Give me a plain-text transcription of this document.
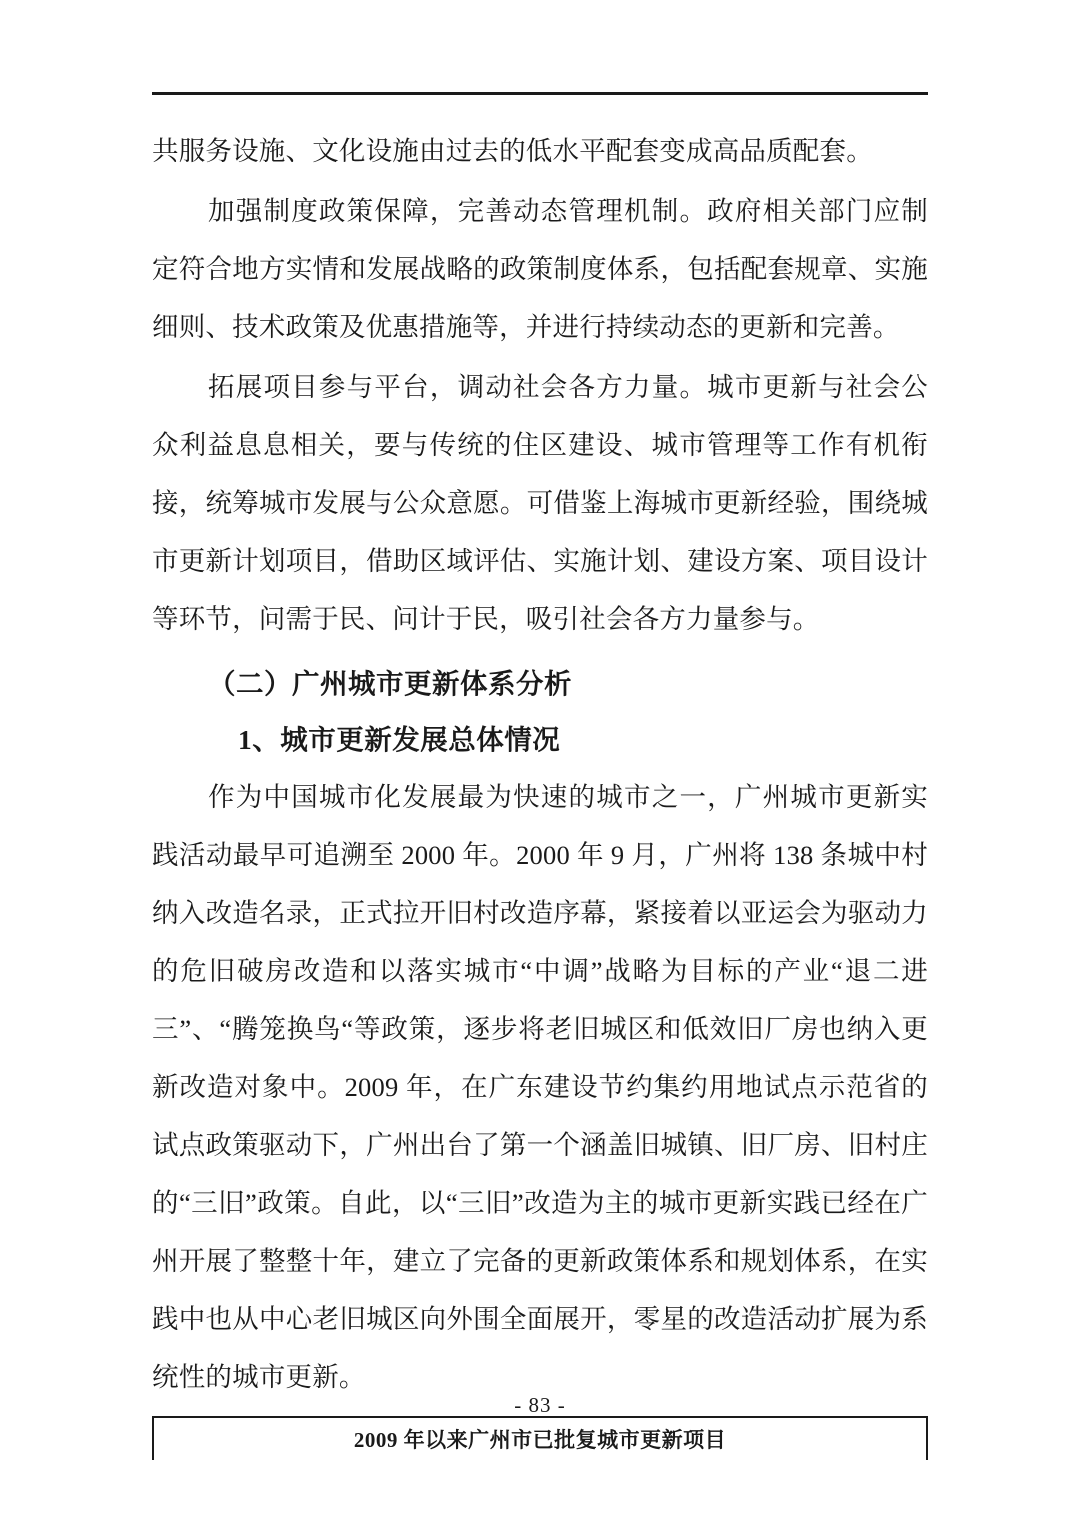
共服务设施、文化设施由过去的低水平配套变成高品质配套。

加强制度政策保障，完善动态管理机制。政府相关部门应制定符合地方实情和发展战略的政策制度体系，包括配套规章、实施细则、技术政策及优惠措施等，并进行持续动态的更新和完善。

拓展项目参与平台，调动社会各方力量。城市更新与社会公众利益息息相关，要与传统的住区建设、城市管理等工作有机衔接，统筹城市发展与公众意愿。可借鉴上海城市更新经验，围绕城市更新计划项目，借助区域评估、实施计划、建设方案、项目设计等环节，问需于民、问计于民，吸引社会各方力量参与。

（二）广州城市更新体系分析
1、城市更新发展总体情况

作为中国城市化发展最为快速的城市之一，广州城市更新实践活动最早可追溯至 2000 年。2000 年 9 月，广州将 138 条城中村纳入改造名录，正式拉开旧村改造序幕，紧接着以亚运会为驱动力的危旧破房改造和以落实城市“中调”战略为目标的产业“退二进三”、“腾笼换鸟“等政策，逐步将老旧城区和低效旧厂房也纳入更新改造对象中。2009 年，在广东建设节约集约用地试点示范省的试点政策驱动下，广州出台了第一个涵盖旧城镇、旧厂房、旧村庄的“三旧”政策。自此，以“三旧”改造为主的城市更新实践已经在广州开展了整整十年，建立了完备的更新政策体系和规划体系，在实践中也从中心老旧城区向外围全面展开，零星的改造活动扩展为系统性的城市更新。

2009 年以来广州市已批复城市更新项目
- 83 -
